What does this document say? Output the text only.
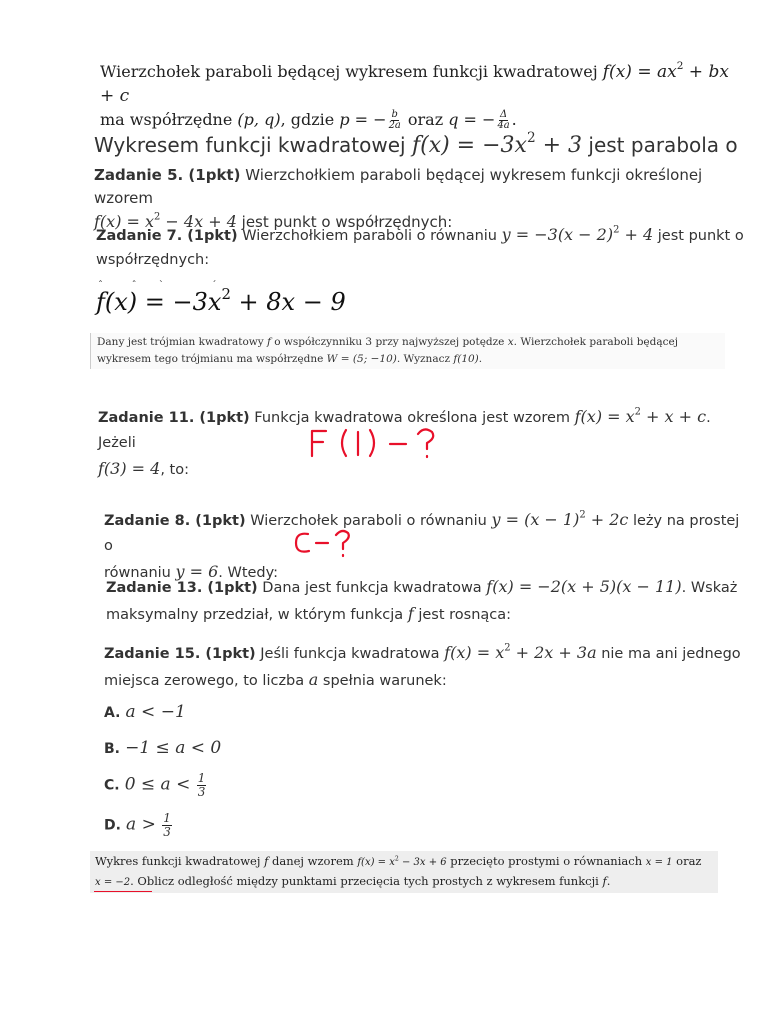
Wierzchołek paraboli będącej wykresem funkcji kwadratowej $f(x) = ax^2$ + bx + c
ma współrzędne (p, q), gdzie p = − $\frac{b}{2a}$ oraz q = − $\frac{\Delta}{4a}$ .
Wykresem funkcji kwadratowej $f(x) = -3x^2 + 3$ jest parabola o
Zadanie 5. (1pkt) Wierzchołkiem paraboli będącej wykresem funkcji określonej wzorem
$f(x) = x^2 - 4x + 4$ jest punkt o współrzędnych:
Zadanie 7. (1pkt) Wierzchołkiem paraboli o równaniu $y = -3(x - 2)^2 + 4$ jest punkt o
współrzędnych:
ˆ         ˆ       `               ˊ
$f(x) = -3x^2 + 8x - 9$
Dany jest trójmian kwadratowy f o współczynniku 3 przy najwyższej potędze x. Wierzchołek paraboli będącej
wykresem tego trójmianu ma współrzędne W = (5; −10). Wyznacz f(10).
Zadanie 11. (1pkt) Funkcja kwadratowa określona jest wzorem $f(x) = x^2 + x + c$. Jeżeli
f(3) = 4, to:
Zadanie 8. (1pkt) Wierzchołek paraboli o równaniu $y = (x - 1)^2 + 2c$ leży na prostej o
równaniu y = 6. Wtedy:
Zadanie 13. (1pkt) Dana jest funkcja kwadratowa f(x) = −2(x + 5)(x − 11). Wskaż
maksymalny przedział, w którym funkcja f jest rosnąca:
Zadanie 15. (1pkt) Jeśli funkcja kwadratowa $f(x) = x^2 + 2x + 3a$ nie ma ani jednego
miejsca zerowego, to liczba a spełnia warunek:
A. a < −1
B. −1 ≤ a < 0
C. $0 \le a < \frac{1}{3}$
D. $a > \frac{1}{3}$
Wykres funkcji kwadratowej f danej wzorem $f(x) = x^2 - 3x + 6$ przecięto prostymi o równaniach x = 1 oraz
x = −2. Oblicz odległość między punktami przecięcia tych prostych z wykresem funkcji f.
